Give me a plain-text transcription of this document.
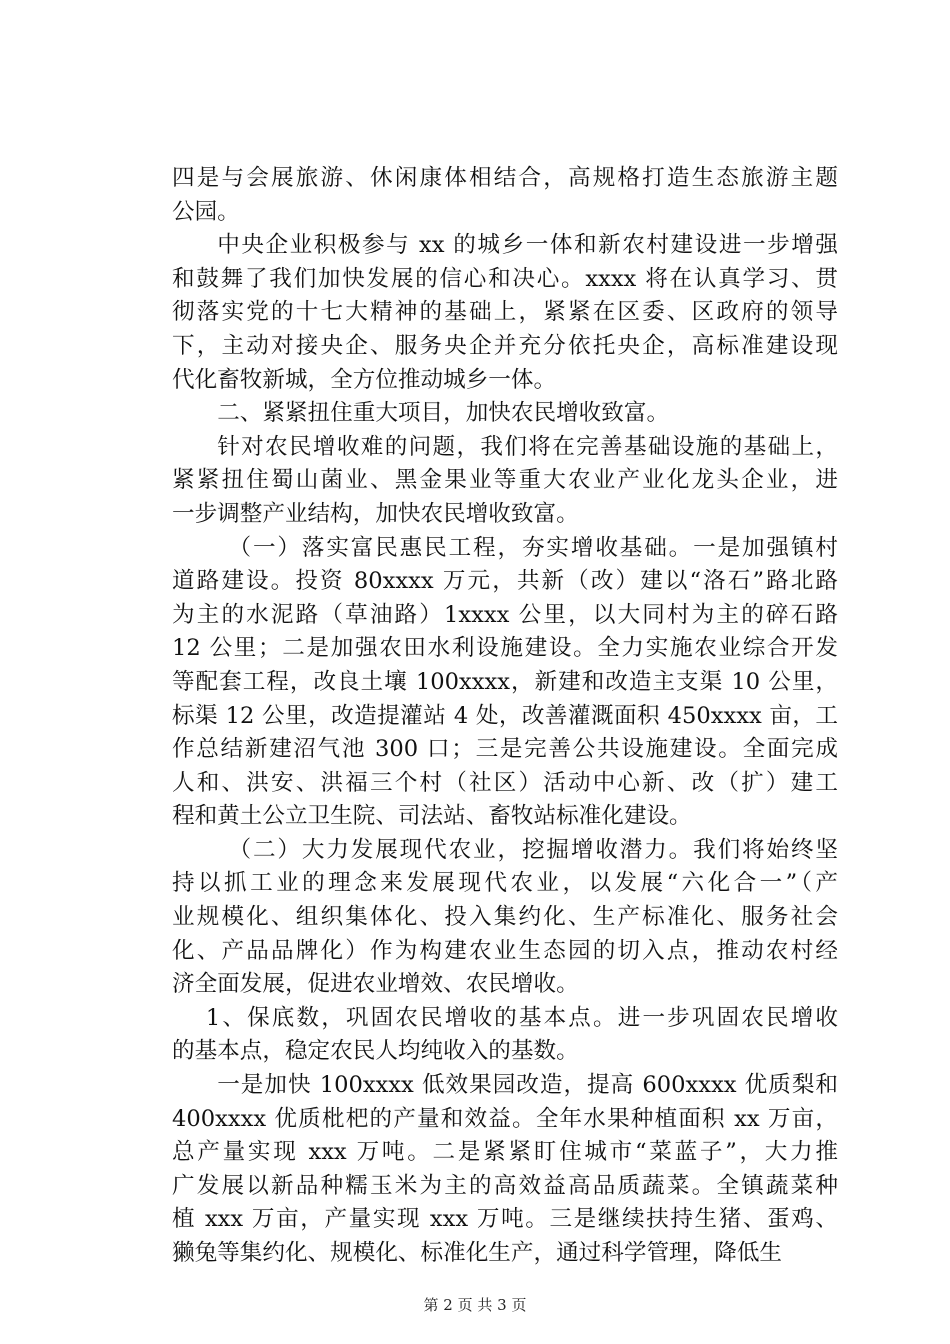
四是与会展旅游、休闲康体相结合，高规格打造生态旅游主题
公园。

中央企业积极参与 xx 的城乡一体和新农村建设进一步增强
和鼓舞了我们加快发展的信心和决心。xxxx 将在认真学习、贯
彻落实党的十七大精神的基础上，紧紧在区委、区政府的领导
下，主动对接央企、服务央企并充分依托央企，高标准建设现
代化畜牧新城，全方位推动城乡一体。

二、紧紧扭住重大项目，加快农民增收致富。

针对农民增收难的问题，我们将在完善基础设施的基础上，
紧紧扭住蜀山菌业、黑金果业等重大农业产业化龙头企业，进
一步调整产业结构，加快农民增收致富。

（一）落实富民惠民工程，夯实增收基础。一是加强镇村
道路建设。投资 80xxxx 万元，共新（改）建以“洛石”路北路
为主的水泥路（草油路）1xxxx 公里，以大同村为主的碎石路
12 公里；二是加强农田水利设施建设。全力实施农业综合开发
等配套工程，改良土壤 100xxxx，新建和改造主支渠 10 公里，
标渠 12 公里，改造提灌站 4 处，改善灌溉面积 450xxxx 亩，工
作总结新建沼气池 300 口；三是完善公共设施建设。全面完成
人和、洪安、洪福三个村（社区）活动中心新、改（扩）建工
程和黄土公立卫生院、司法站、畜牧站标准化建设。

（二）大力发展现代农业，挖掘增收潜力。我们将始终坚
持以抓工业的理念来发展现代农业，以发展“六化合一”（产
业规模化、组织集体化、投入集约化、生产标准化、服务社会
化、产品品牌化）作为构建农业生态园的切入点，推动农村经
济全面发展，促进农业增效、农民增收。

1、保底数，巩固农民增收的基本点。进一步巩固农民增收
的基本点，稳定农民人均纯收入的基数。

一是加快 100xxxx 低效果园改造，提高 600xxxx 优质梨和
400xxxx 优质枇杷的产量和效益。全年水果种植面积 xx 万亩，
总产量实现 xxx 万吨。二是紧紧盯住城市“菜蓝子”，大力推
广发展以新品种糯玉米为主的高效益高品质蔬菜。全镇蔬菜种
植 xxx 万亩，产量实现 xxx 万吨。三是继续扶持生猪、蛋鸡、
獭兔等集约化、规模化、标准化生产，通过科学管理，降低生

第 2 页 共 3 页
